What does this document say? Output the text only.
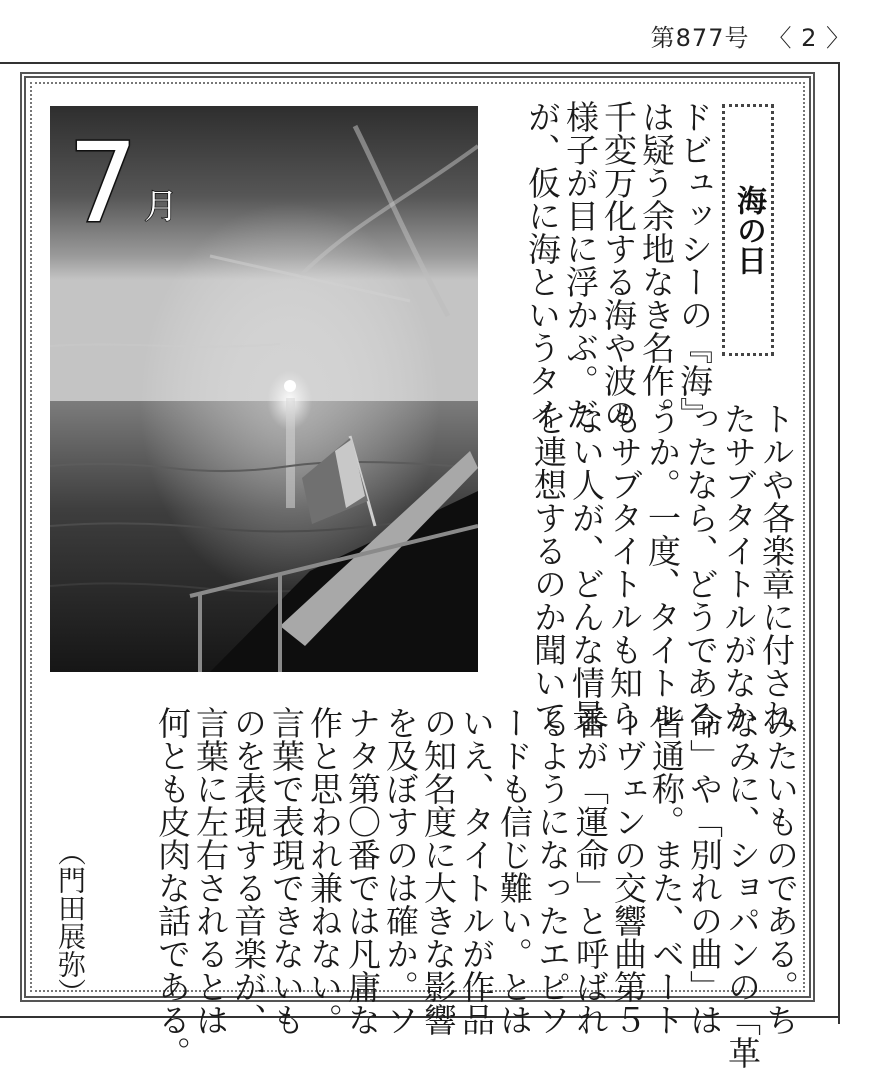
第877号 〈 2 〉
海の日
7 月	ドビュッシーの『海』
は疑う余地なき名作。
千変万化する海や波の
様子が目に浮かぶ。だ
が、仮に海というタイ

トルや各楽章に付され
たサブタイトルがなか
ったなら、どうであろ
うか。一度、タイトル
もサブタイトルも知ら
ない人が、どんな情景
を連想するのか聞いて

みたいものである。ち
なみに、ショパンの「革
命」や「別れの曲」は
皆通称。また、ベート
ーヴェンの交響曲第５
番が「運命」と呼ばれ
るようになったエピソ
ードも信じ難い。とは
いえ、タイトルが作品
の知名度に大きな影響
を及ぼすのは確か。ソ
ナタ第〇番では凡庸な
作と思われ兼ねない。
言葉で表現できないも
のを表現する音楽が、
言葉に左右されるとは
何とも皮肉な話である。

（門田展弥）
